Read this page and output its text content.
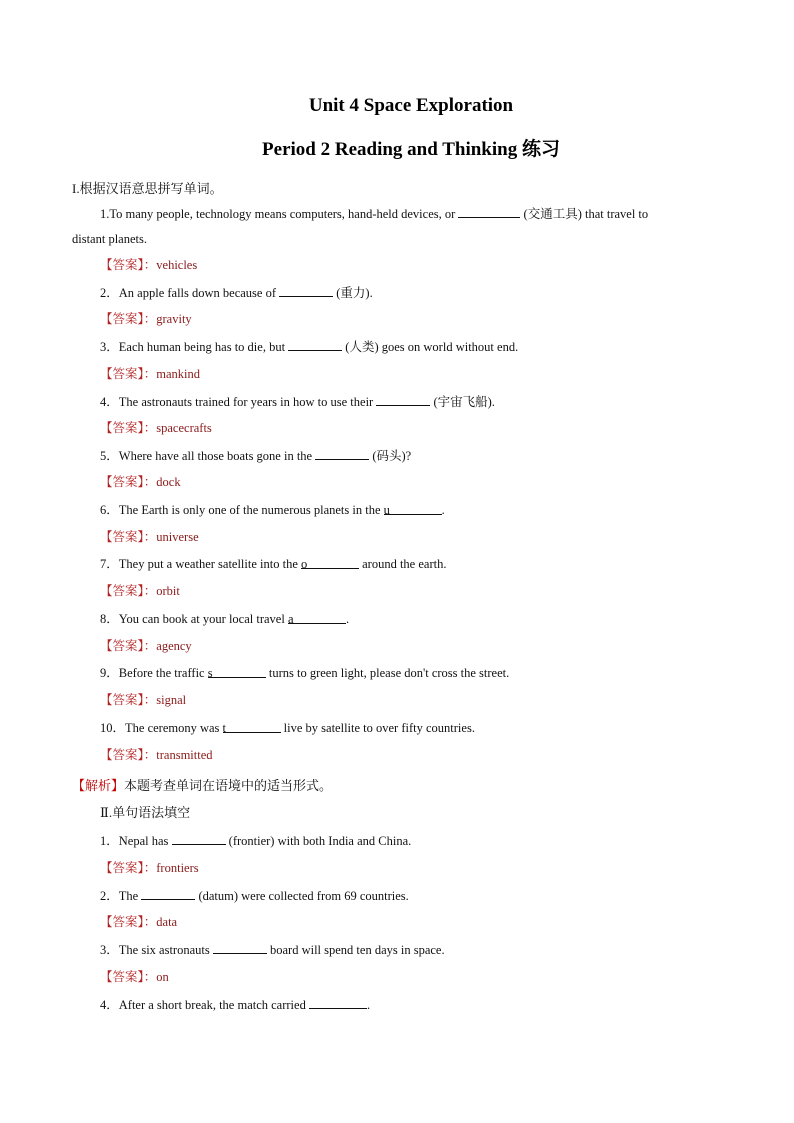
Unit 4 Space Exploration
Period 2 Reading and Thinking 练习
I.根据汉语意思拼写单词。
1.To many people, technology means computers, hand-held devices, or	(交通工具) that travel to
distant planets.
【答案】：vehicles
2．An apple falls down because of	(重力).
【答案】：gravity
3．Each human being has to die, but	(人类) goes on world without end.
【答案】：mankind
4．The astronauts trained for years in how to use their	(宇宙飞船).
【答案】：spacecrafts
5．Where have all those boats gone in the	(码头)?
【答案】：dock
6．The Earth is only one of the numerous planets in the u	.
【答案】：universe
7．They put a weather satellite into the o	around the earth.
【答案】：orbit
8．You can book at your local travel a	.
【答案】：agency
9．Before the traffic s	turns to green light, please don't cross the street.
【答案】：signal
10．The ceremony was t	live by satellite to over fifty countries.
【答案】：transmitted
【解析】本题考查单词在语境中的适当形式。
Ⅱ.单句语法填空
1．Nepal has	(frontier) with both India and China.
【答案】：frontiers
2．The	(datum) were collected from 69 countries.
【答案】：data
3．The six astronauts	board will spend ten days in space.
【答案】：on
4．After a short break, the match carried	.
